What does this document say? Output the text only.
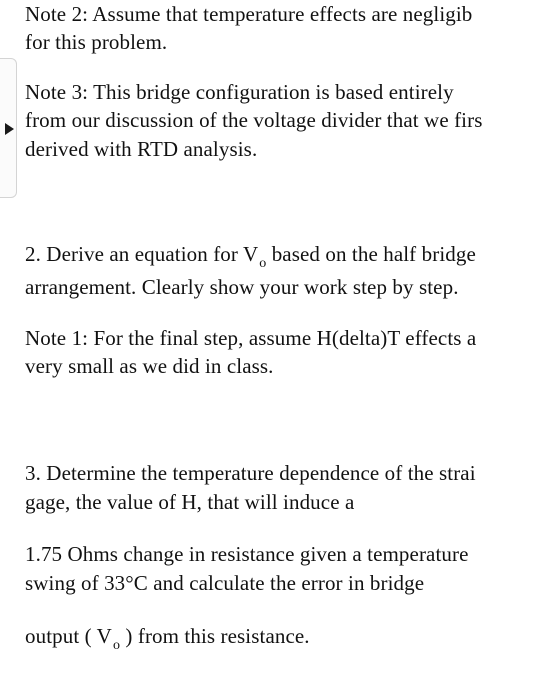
Note 2: Assume that temperature effects are negligib
for this problem.
Note 3: This bridge configuration is based entirely
from our discussion of the voltage divider that we firs
derived with RTD analysis.
2. Derive an equation for $V_o$ based on the half bridge
arrangement. Clearly show your work step by step.
Note 1: For the final step, assume H(delta)T effects a
very small as we did in class.
3. Determine the temperature dependence of the strai
gage, the value of H, that will induce a
1.75 Ohms change in resistance given a temperature
swing of 33°C and calculate the error in bridge
output ( $V_o$ ) from this resistance.
